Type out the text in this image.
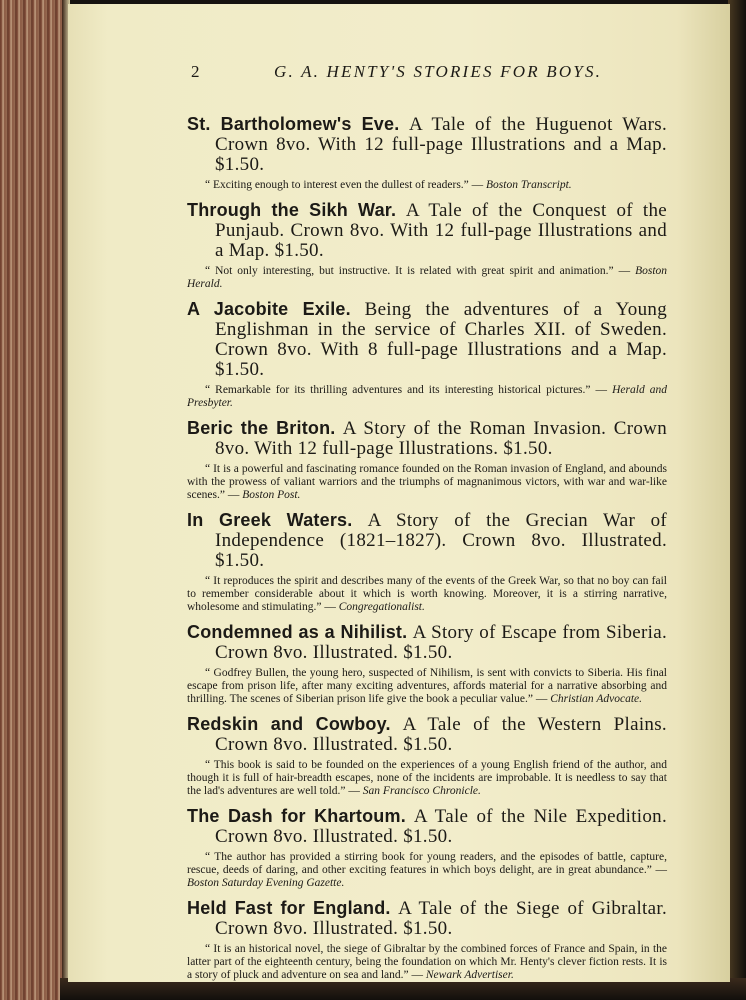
2	G. A. HENTY'S STORIES FOR BOYS.

St. Bartholomew's Eve. A Tale of the Huguenot Wars. Crown 8vo. With 12 full-page Illustrations and a Map. $1.50.

“ Exciting enough to interest even the dullest of readers.” — Boston Transcript.

Through the Sikh War. A Tale of the Conquest of the Punjaub. Crown 8vo. With 12 full-page Illustrations and a Map. $1.50.

“ Not only interesting, but instructive. It is related with great spirit and animation.” — Boston Herald.

A Jacobite Exile. Being the adventures of a Young Englishman in the service of Charles XII. of Sweden. Crown 8vo. With 8 full-page Illustrations and a Map. $1.50.

“ Remarkable for its thrilling adventures and its interesting historical pictures.” — Herald and Presbyter.

Beric the Briton. A Story of the Roman Invasion. Crown 8vo. With 12 full-page Illustrations. $1.50.

“ It is a powerful and fascinating romance founded on the Roman invasion of England, and abounds with the prowess of valiant warriors and the triumphs of magnanimous victors, with war and war-like scenes.” — Boston Post.

In Greek Waters. A Story of the Grecian War of Independence (1821–1827). Crown 8vo. Illustrated. $1.50.

“ It reproduces the spirit and describes many of the events of the Greek War, so that no boy can fail to remember considerable about it which is worth knowing. Moreover, it is a stirring narrative, wholesome and stimulating.” — Congregationalist.

Condemned as a Nihilist. A Story of Escape from Siberia. Crown 8vo. Illustrated. $1.50.

“ Godfrey Bullen, the young hero, suspected of Nihilism, is sent with convicts to Siberia. His final escape from prison life, after many exciting adventures, affords material for a narrative absorbing and thrilling. The scenes of Siberian prison life give the book a peculiar value.” — Christian Advocate.

Redskin and Cowboy. A Tale of the Western Plains. Crown 8vo. Illustrated. $1.50.

“ This book is said to be founded on the experiences of a young English friend of the author, and though it is full of hair-breadth escapes, none of the incidents are improbable. It is needless to say that the lad's adventures are well told.” — San Francisco Chronicle.

The Dash for Khartoum. A Tale of the Nile Expedition. Crown 8vo. Illustrated. $1.50.

“ The author has provided a stirring book for young readers, and the episodes of battle, capture, rescue, deeds of daring, and other exciting features in which boys delight, are in great abundance.” — Boston Saturday Evening Gazette.

Held Fast for England. A Tale of the Siege of Gibraltar. Crown 8vo. Illustrated. $1.50.

“ It is an historical novel, the siege of Gibraltar by the combined forces of France and Spain, in the latter part of the eighteenth century, being the foundation on which Mr. Henty's clever fiction rests. It is a story of pluck and adventure on sea and land.” — Newark Advertiser.
